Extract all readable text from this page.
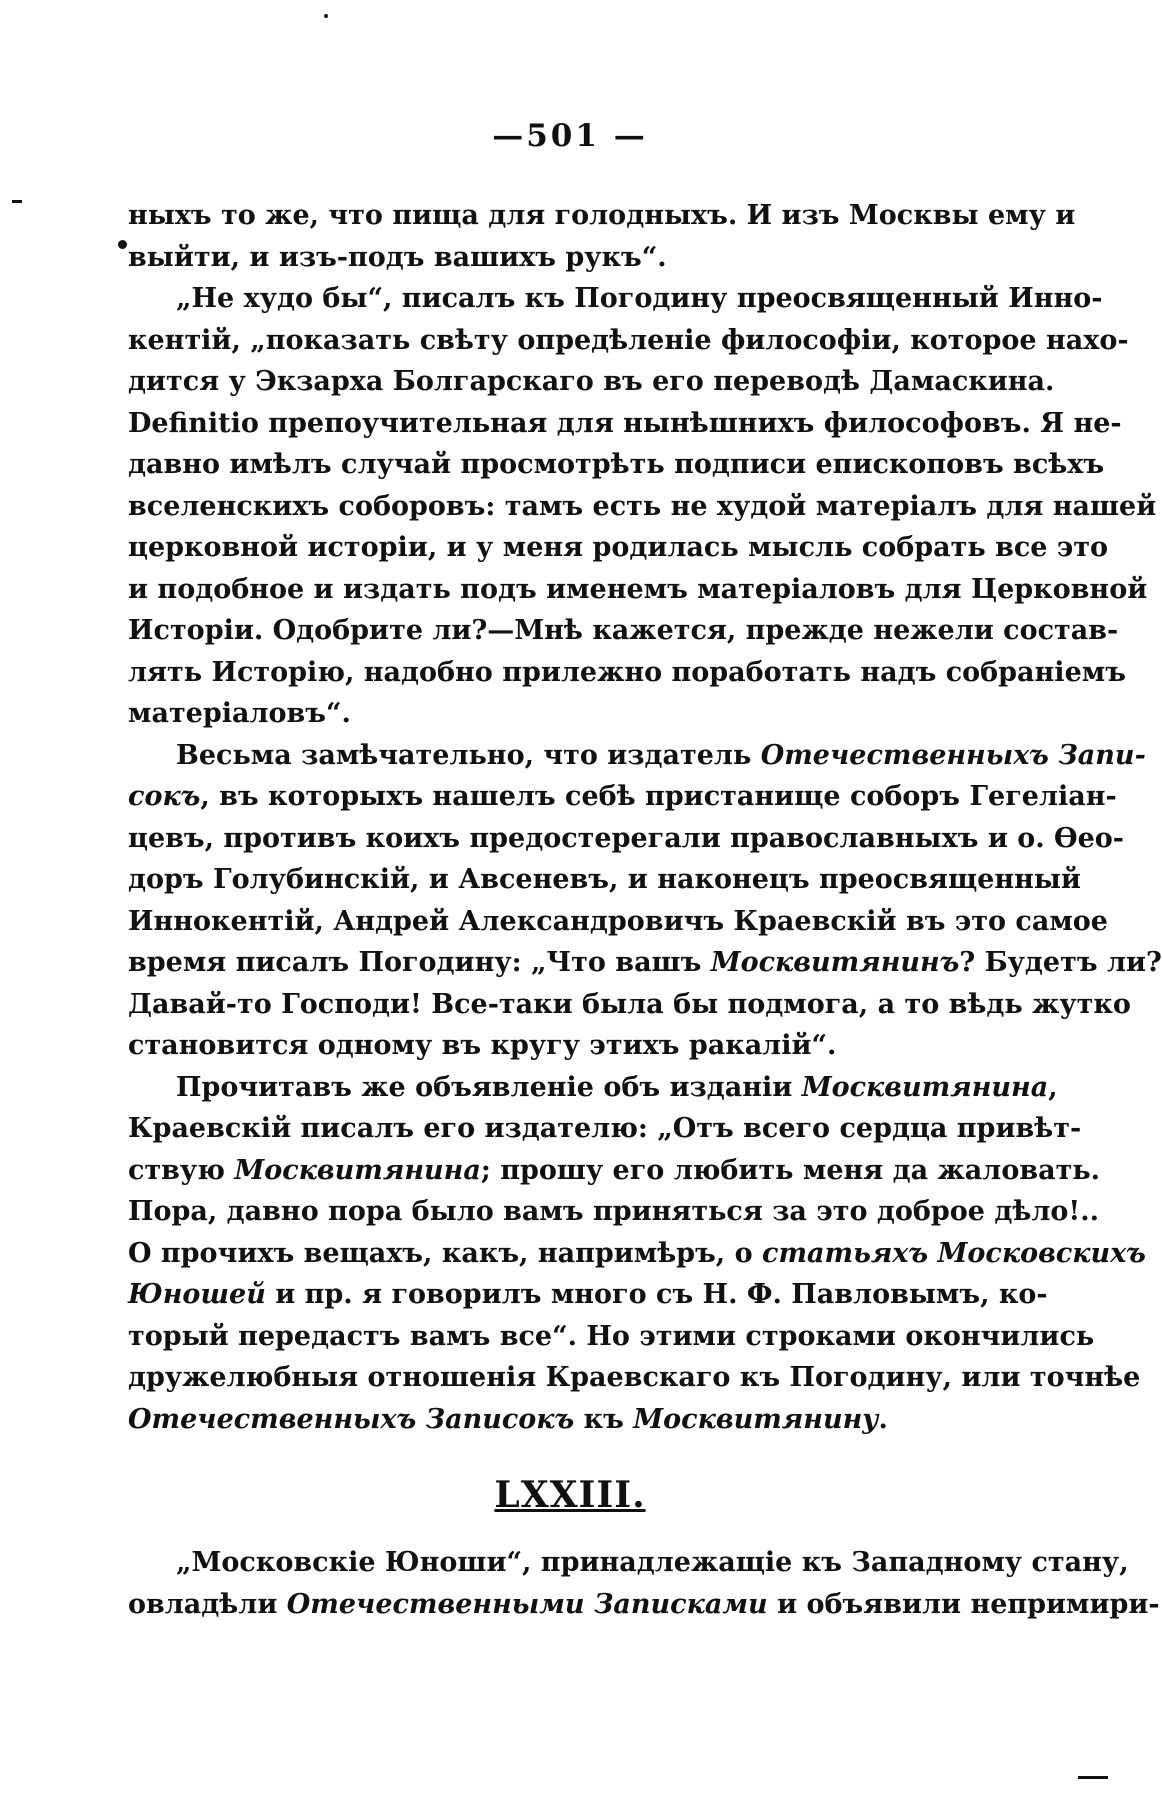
—501 —
ныхъ то же, что пища для голодныхъ. И изъ Москвы ему и
выйти, и изъ-подъ вашихъ рукъ“.
„Не худо бы“, писалъ къ Погодину преосвященный Инно-
кентій, „показать свѣту опредѣленіе философіи, которое нахо-
дится у Экзарха Болгарскаго въ его переводѣ Дамаскина.
Definitio препоучительная для нынѣшнихъ философовъ. Я не-
давно имѣлъ случай просмотрѣть подписи епископовъ всѣхъ
вселенскихъ соборовъ: тамъ есть не худой матеріалъ для нашей
церковной исторіи, и у меня родилась мысль собрать все это
и подобное и издать подъ именемъ матеріаловъ для Церковной
Исторіи. Одобрите ли?—Мнѣ кажется, прежде нежели состав-
лять Исторію, надобно прилежно поработать надъ собраніемъ
матеріаловъ“.
Весьма замѣчательно, что издатель Отечественныхъ Запи-
сокъ, въ которыхъ нашелъ себѣ пристанище соборъ Гегеліан-
цевъ, противъ коихъ предостерегали православныхъ и о. Ѳео-
доръ Голубинскій, и Авсеневъ, и наконецъ преосвященный
Иннокентій, Андрей Александровичъ Краевскій въ это самое
время писалъ Погодину: „Что вашъ Москвитянинъ? Будетъ ли?
Давай-то Господи! Все-таки была бы подмога, а то вѣдь жутко
становится одному въ кругу этихъ ракалій“.
Прочитавъ же объявленіе объ изданіи Москвитянина,
Краевскій писалъ его издателю: „Отъ всего сердца привѣт-
ствую Москвитянина; прошу его любить меня да жаловать.
Пора, давно пора было вамъ приняться за это доброе дѣло!..
О прочихъ вещахъ, какъ, напримѣръ, о статьяхъ Московскихъ
Юношей и пр. я говорилъ много съ Н. Ф. Павловымъ, ко-
торый передастъ вамъ все“. Но этими строками окончились
дружелюбныя отношенія Краевскаго къ Погодину, или точнѣе
Отечественныхъ Записокъ къ Москвитянину.
LXXIII.
„Московскіе Юноши“, принадлежащіе къ Западному стану,
овладѣли Отечественными Записками и объявили непримири-
